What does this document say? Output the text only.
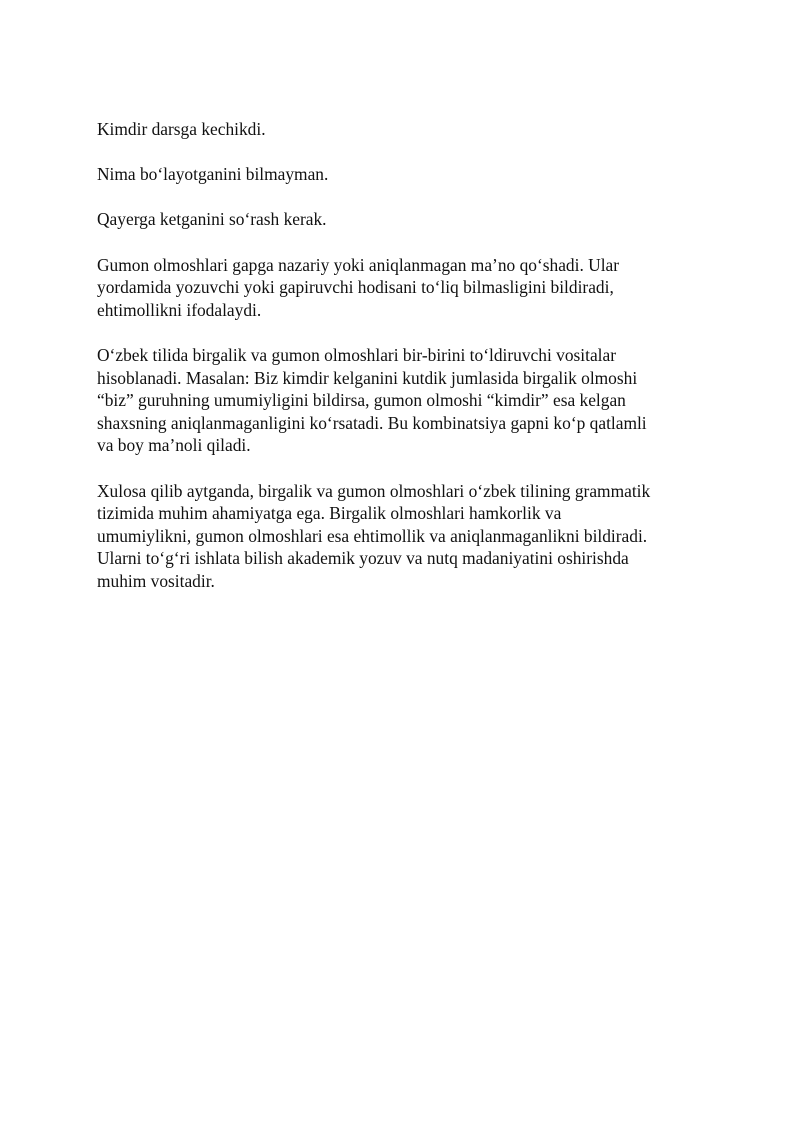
Kimdir darsga kechikdi.

Nima boʻlayotganini bilmayman.

Qayerga ketganini soʻrash kerak.

Gumon olmoshlari gapga nazariy yoki aniqlanmagan maʼno qoʻshadi. Ular
yordamida yozuvchi yoki gapiruvchi hodisani toʻliq bilmasligini bildiradi,
ehtimollikni ifodalaydi.

Oʻzbek tilida birgalik va gumon olmoshlari bir-birini toʻldiruvchi vositalar
hisoblanadi. Masalan: Biz kimdir kelganini kutdik jumlasida birgalik olmoshi
“biz” guruhning umumiyligini bildirsa, gumon olmoshi “kimdir” esa kelgan
shaxsning aniqlanmaganligini koʻrsatadi. Bu kombinatsiya gapni koʻp qatlamli
va boy maʼnoli qiladi.

Xulosa qilib aytganda, birgalik va gumon olmoshlari oʻzbek tilining grammatik
tizimida muhim ahamiyatga ega. Birgalik olmoshlari hamkorlik va
umumiylikni, gumon olmoshlari esa ehtimollik va aniqlanmaganlikni bildiradi.
Ularni toʻgʻri ishlata bilish akademik yozuv va nutq madaniyatini oshirishda
muhim vositadir.
